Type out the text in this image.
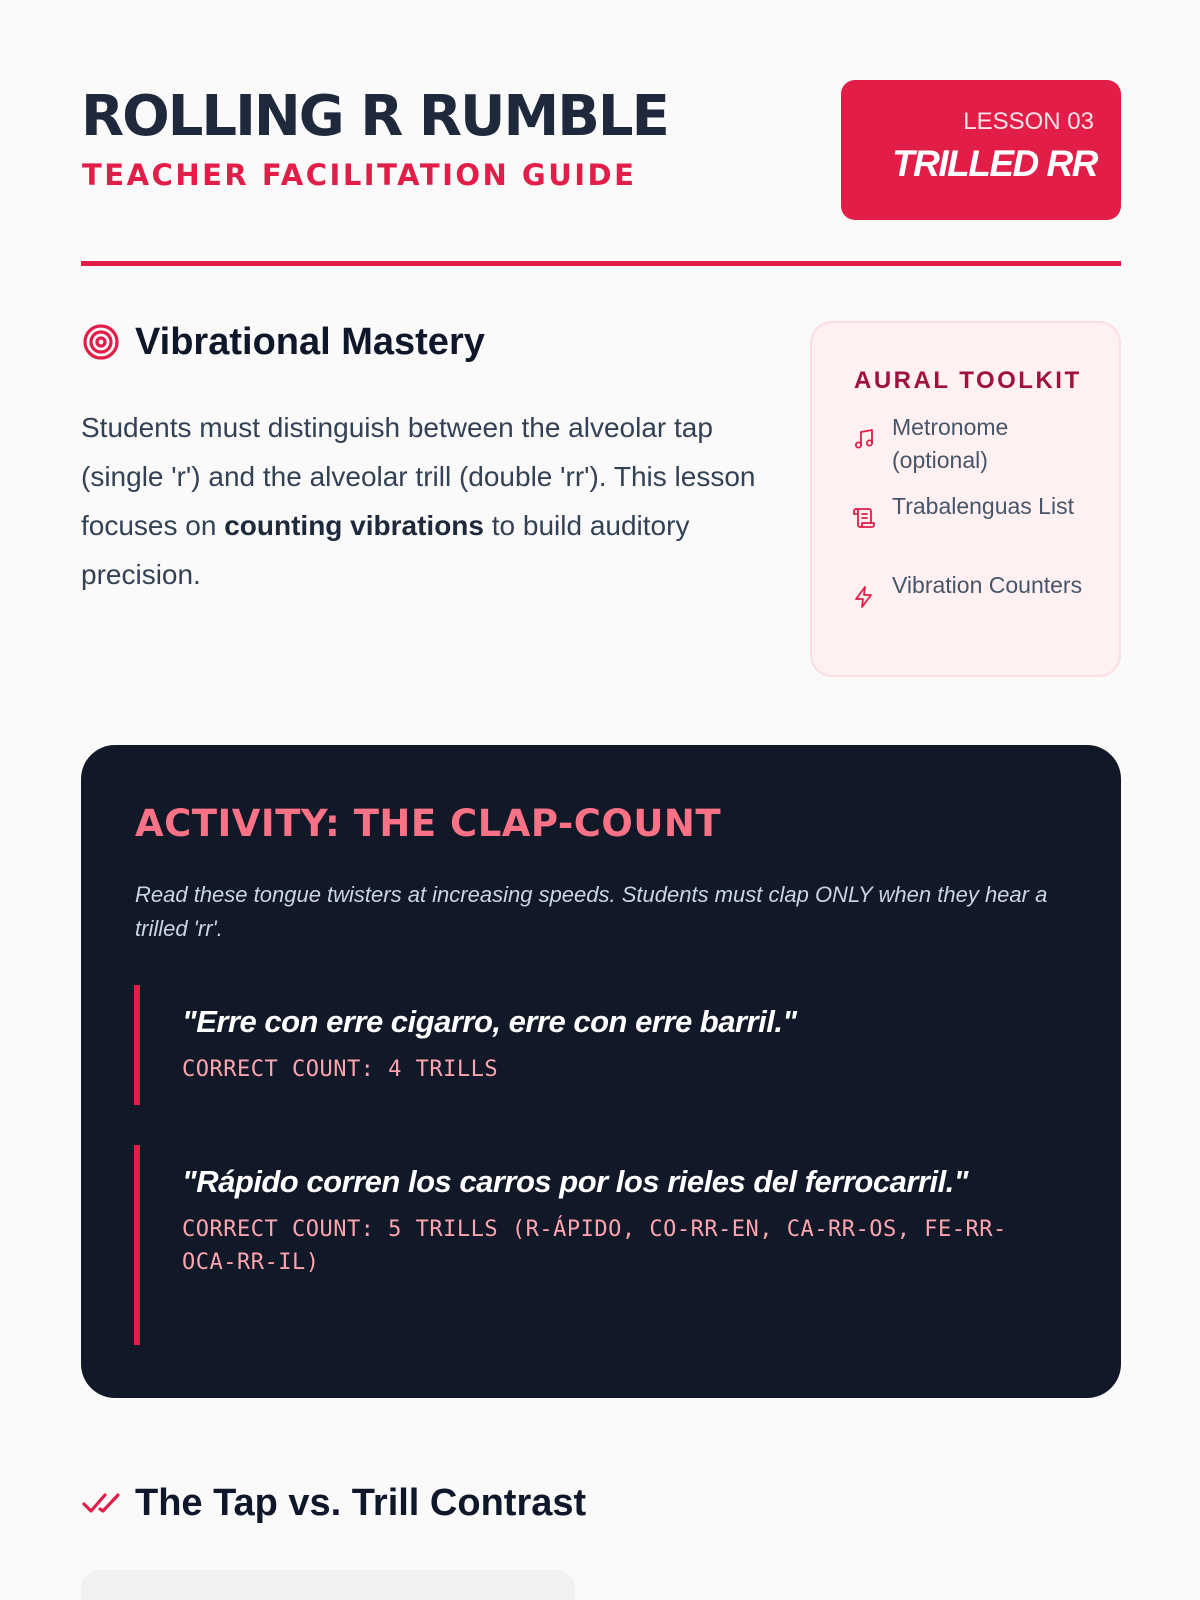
ROLLING R RUMBLE
TEACHER FACILITATION GUIDE
LESSON 03
TRILLED RR
Vibrational Mastery

Students must distinguish between the alveolar tap (single 'r') and the alveolar trill (double 'rr'). This lesson focuses on counting vibrations to build auditory precision.

AURAL TOOLKIT
Metronome (optional)
Trabalenguas List
Vibration Counters
ACTIVITY: THE CLAP-COUNT
Read these tongue twisters at increasing speeds. Students must clap ONLY when they hear a trilled 'rr'.
"Erre con erre cigarro, erre con erre barril."
CORRECT COUNT: 4 TRILLS
"Rápido corren los carros por los rieles del ferrocarril."
CORRECT COUNT: 5 TRILLS (R-ÁPIDO, CO-RR-EN, CA-RR-OS, FE-RR-OCA-RR-IL)
The Tap vs. Trill Contrast
